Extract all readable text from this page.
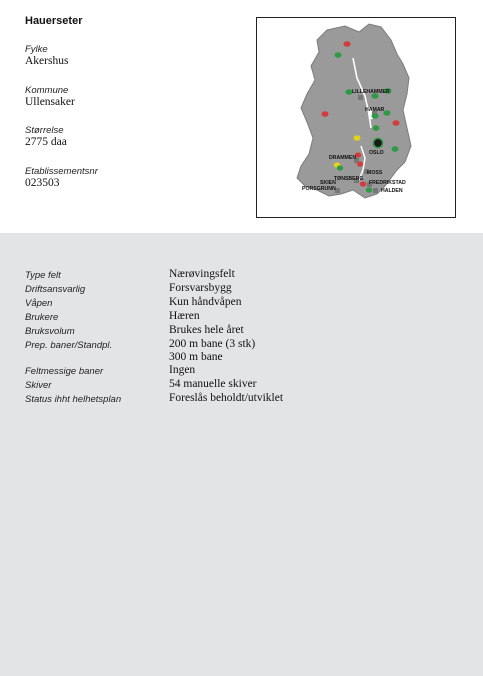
Hauerseter
Fylke
Akershus
Kommune
Ullensaker
Størrelse
2775 daa
Etablissementsnr
023503
LILLEHAMMER
HAMAR
OSLO
DRAMMEN
MOSS
TØNSBERG
FREDRIKSTAD
HALDEN
SKIEN
PORSGRUNN
Type felt	Nærøvingsfelt
Driftsansvarlig	Forsvarsbygg
Våpen	Kun håndvåpen
Brukere	Hæren
Bruksvolum	Brukes hele året
Prep. baner/Standpl.	200 m bane (3 stk)
300 m bane
Feltmessige baner	Ingen
Skiver	54 manuelle skiver
Status ihht helhetsplan	Foreslås beholdt/utviklet
